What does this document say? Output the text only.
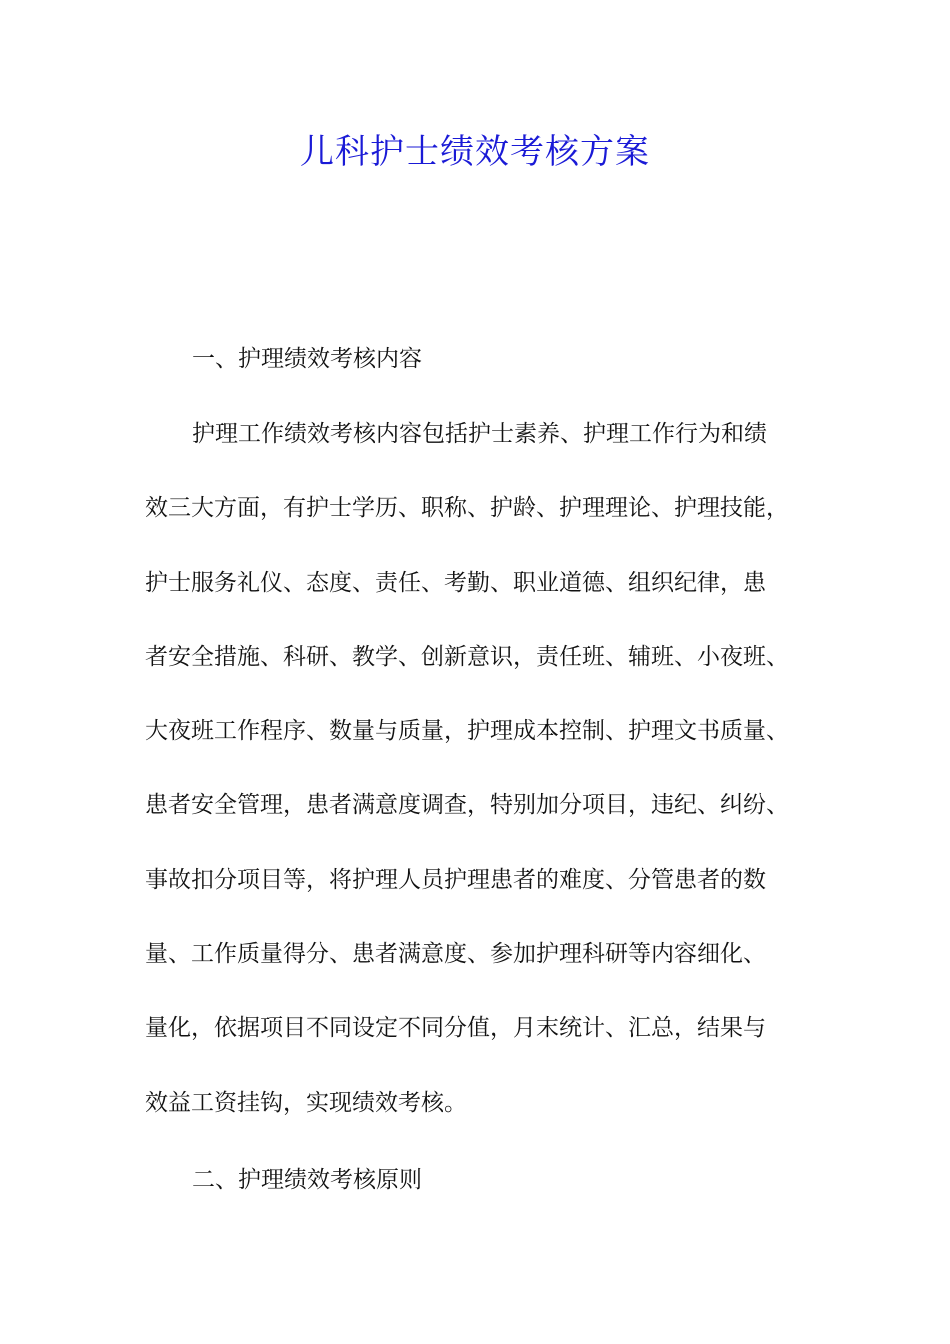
儿科护士绩效考核方案
一、护理绩效考核内容
护理工作绩效考核内容包括护士素养、护理工作行为和绩
效三大方面，有护士学历、职称、护龄、护理理论、护理技能，
护士服务礼仪、态度、责任、考勤、职业道德、组织纪律，患
者安全措施、科研、教学、创新意识，责任班、辅班、小夜班、
大夜班工作程序、数量与质量，护理成本控制、护理文书质量、
患者安全管理，患者满意度调查，特别加分项目，违纪、纠纷、
事故扣分项目等，将护理人员护理患者的难度、分管患者的数
量、工作质量得分、患者满意度、参加护理科研等内容细化、
量化，依据项目不同设定不同分值，月末统计、汇总，结果与
效益工资挂钩，实现绩效考核。
二、护理绩效考核原则
